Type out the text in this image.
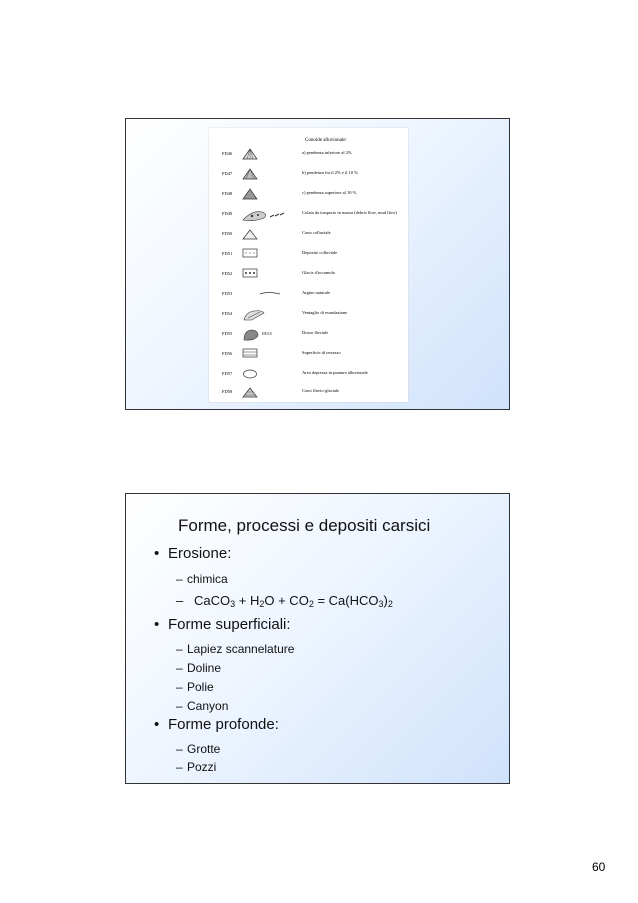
Conoide alluvionale:
FD46	a) pendenza inferiore al 2%
FD47	b) pendenza fra il 2% e il 10 %
FD48	c) pendenza superiore al 10 %
FD49	Colata da trasporto in massa (debris flow, mud flow)
FD50	Cono colluviale
FD51	Deposito colluviale
FD52	Glacis d'accumulo
FD53	Argine naturale
FD54	Ventaglio di esondazione
FD55	III115	Dosso fluviale
FD56	Superficie di terrazzo
FD57	Area depressa in pianura alluvionale
FD58	Cono fluvio-glaciale
Forme, processi e depositi carsici
• Erosione:
– chimica
– CaCO$_3$ + $H_2O + CO_2 = Ca(HCO_3)_2$
• Forme superficiali:
– Lapiez scannelature
– Doline
– Polie
– Canyon
• Forme profonde:
– Grotte
– Pozzi
60
